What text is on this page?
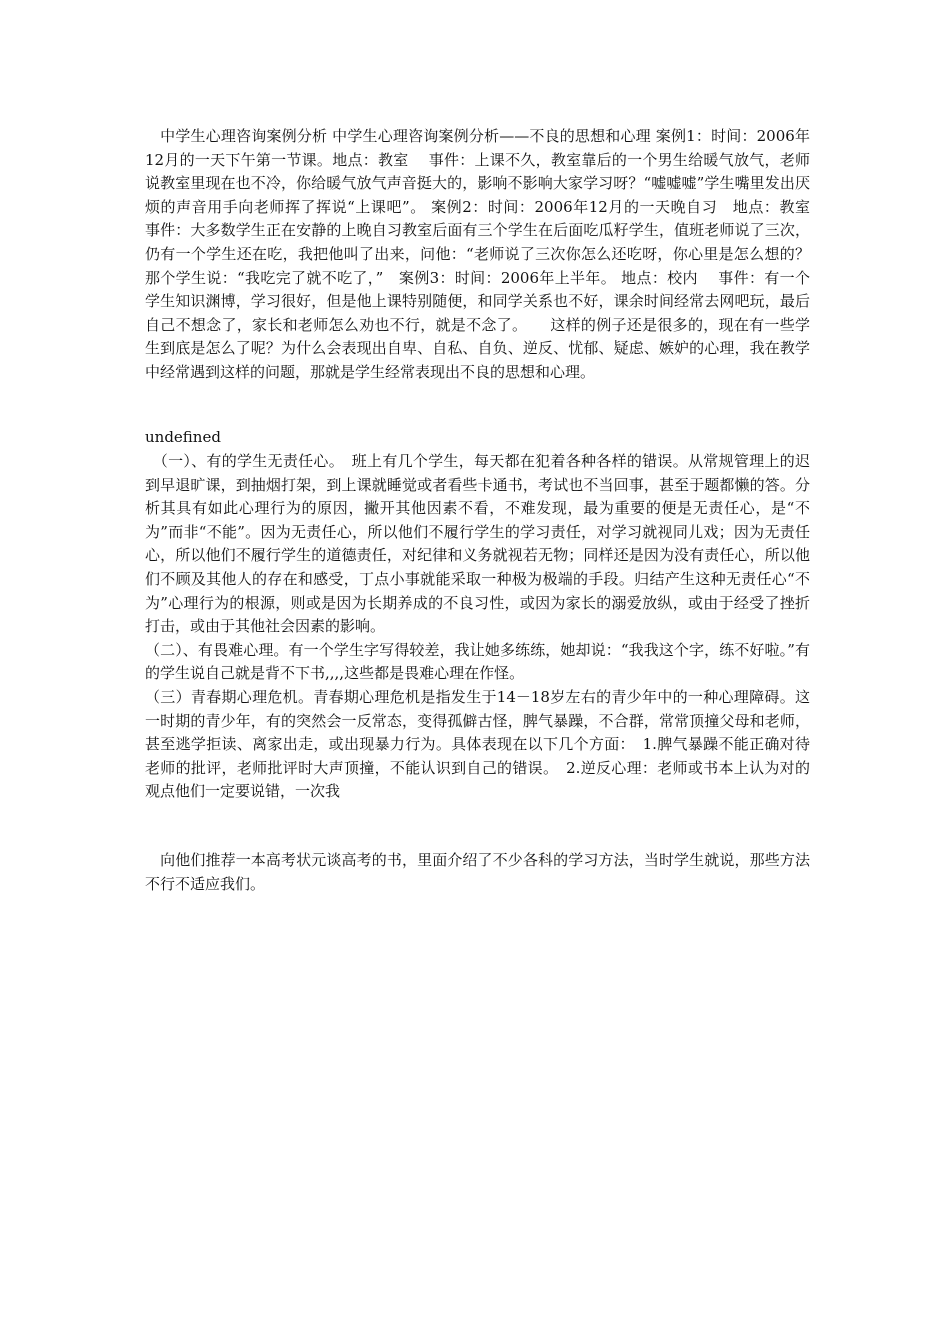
　中学生心理咨询案例分析 中学生心理咨询案例分析——不良的思想和心理 案例1：时间：2006年12月的一天下午第一节课。地点：教室　 事件：上课不久，教室靠后的一个男生给暖气放气，老师说教室里现在也不冷，你给暖气放气声音挺大的，影响不影响大家学习呀？“嘘嘘嘘”学生嘴里发出厌烦的声音用手向老师挥了挥说“上课吧”。 案例2：时间：2006年12月的一天晚自习　地点：教室　 事件：大多数学生正在安静的上晚自习教室后面有三个学生在后面吃瓜籽学生，值班老师说了三次，仍有一个学生还在吃，我把他叫了出来，问他：“老师说了三次你怎么还吃呀，你心里是怎么想的？那个学生说：“我吃完了就不吃了，”　案例3：时间：2006年上半年。 地点：校内　 事件：有一个学生知识渊博，学习很好，但是他上课特别随便，和同学关系也不好，课余时间经常去网吧玩，最后自己不想念了，家长和老师怎么劝也不行，就是不念了。　　这样的例子还是很多的，现在有一些学生到底是怎么了呢？为什么会表现出自卑、自私、自负、逆反、忧郁、疑虑、嫉妒的心理，我在教学中经常遇到这样的问题，那就是学生经常表现出不良的思想和心理。

undefined

　（一）、有的学生无责任心。　班上有几个学生，每天都在犯着各种各样的错误。从常规管理上的迟到早退旷课，到抽烟打架，到上课就睡觉或者看些卡通书，考试也不当回事，甚至于题都懒的答。分析其具有如此心理行为的原因，撇开其他因素不看，不难发现，最为重要的便是无责任心，是“不为”而非“不能”。因为无责任心，所以他们不履行学生的学习责任，对学习就视同儿戏；因为无责任心，所以他们不履行学生的道德责任，对纪律和义务就视若无物；同样还是因为没有责任心，所以他们不顾及其他人的存在和感受，丁点小事就能采取一种极为极端的手段。归结产生这种无责任心“不为”心理行为的根源，则或是因为长期养成的不良习性，或因为家长的溺爱放纵，或由于经受了挫折打击，或由于其他社会因素的影响。

（二）、有畏难心理。有一个学生字写得较差，我让她多练练，她却说：“我我这个字，练不好啦。”有的学生说自己就是背不下书,,,,这些都是畏难心理在作怪。

（三）青春期心理危机。青春期心理危机是指发生于14－18岁左右的青少年中的一种心理障碍。这一时期的青少年，有的突然会一反常态，变得孤僻古怪，脾气暴躁，不合群，常常顶撞父母和老师，甚至逃学拒读、离家出走，或出现暴力行为。具体表现在以下几个方面：　1.脾气暴躁不能正确对待老师的批评，老师批评时大声顶撞，不能认识到自己的错误。　2.逆反心理：老师或书本上认为对的观点他们一定要说错，一次我

　向他们推荐一本高考状元谈高考的书，里面介绍了不少各科的学习方法，当时学生就说，那些方法不行不适应我们。
